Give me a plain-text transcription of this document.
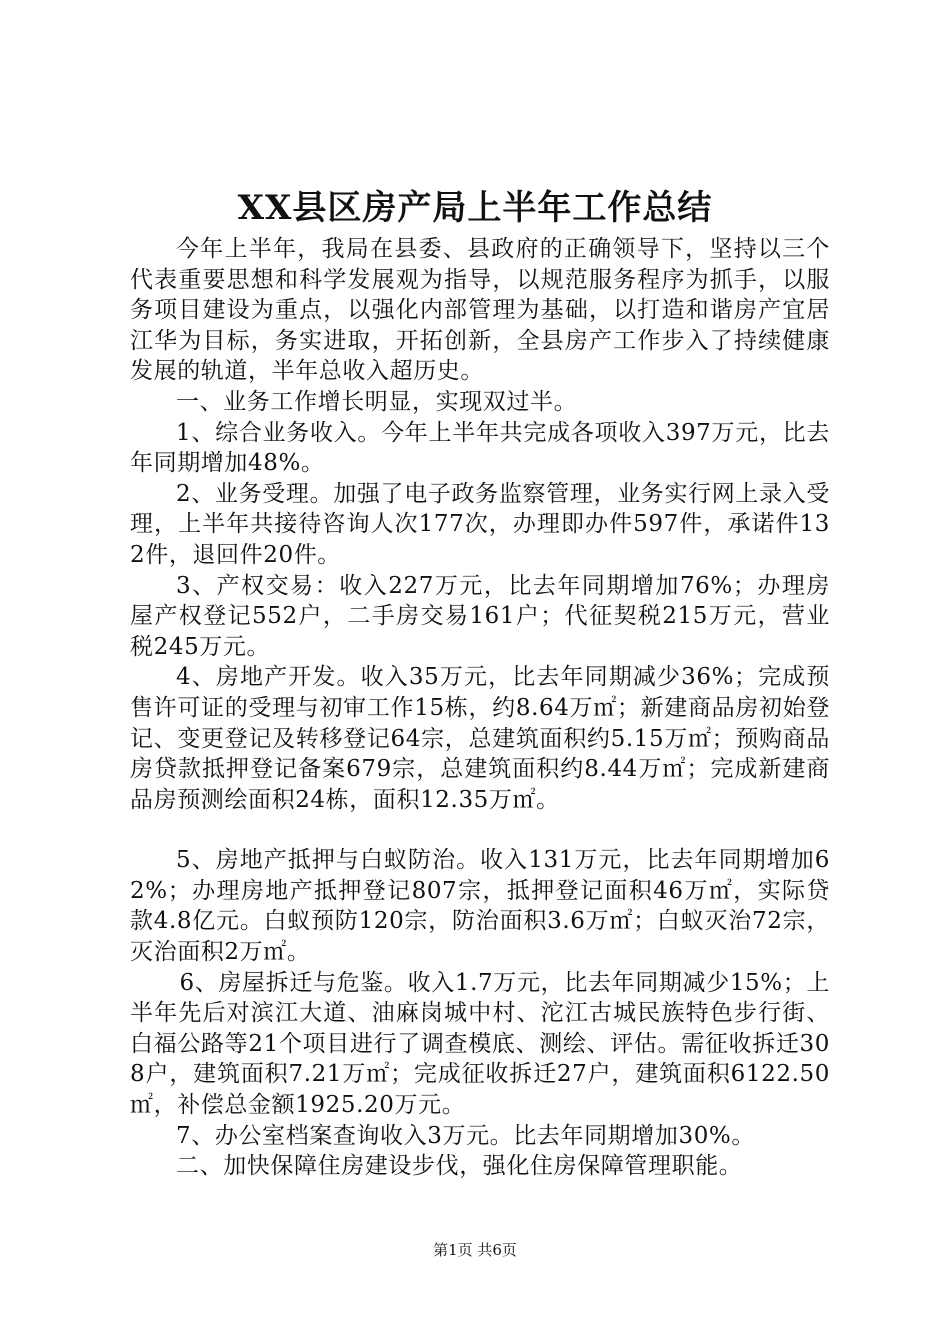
XX县区房产局上半年工作总结

今年上半年，我局在县委、县政府的正确领导下，坚持以三个代表重要思想和科学发展观为指导，以规范服务程序为抓手，以服务项目建设为重点，以强化内部管理为基础，以打造和谐房产宜居江华为目标，务实进取，开拓创新，全县房产工作步入了持续健康发展的轨道，半年总收入超历史。

一、业务工作增长明显，实现双过半。

1、综合业务收入。今年上半年共完成各项收入397万元，比去年同期增加48%。

2、业务受理。加强了电子政务监察管理，业务实行网上录入受理，上半年共接待咨询人次177次，办理即办件597件，承诺件132件，退回件20件。

3、产权交易：收入227万元，比去年同期增加76%；办理房屋产权登记552户，二手房交易161户；代征契税215万元，营业税245万元。

4、房地产开发。收入35万元，比去年同期减少36%；完成预售许可证的受理与初审工作15栋，约8.64万㎡；新建商品房初始登记、变更登记及转移登记64宗，总建筑面积约5.15万㎡；预购商品房贷款抵押登记备案679宗，总建筑面积约8.44万㎡；完成新建商品房预测绘面积24栋，面积12.35万㎡。

5、房地产抵押与白蚁防治。收入131万元，比去年同期增加62%；办理房地产抵押登记807宗，抵押登记面积46万㎡，实际贷款4.8亿元。白蚁预防120宗，防治面积3.6万㎡；白蚁灭治72宗，灭治面积2万㎡。

6、房屋拆迁与危鉴。收入1.7万元，比去年同期减少15%；上半年先后对滨江大道、油麻岗城中村、沱江古城民族特色步行街、白福公路等21个项目进行了调查模底、测绘、评估。需征收拆迁308户，建筑面积7.21万㎡；完成征收拆迁27户，建筑面积6122.50㎡，补偿总金额1925.20万元。

7、办公室档案查询收入3万元。比去年同期增加30%。

二、加快保障住房建设步伐，强化住房保障管理职能。

第1页 共6页
